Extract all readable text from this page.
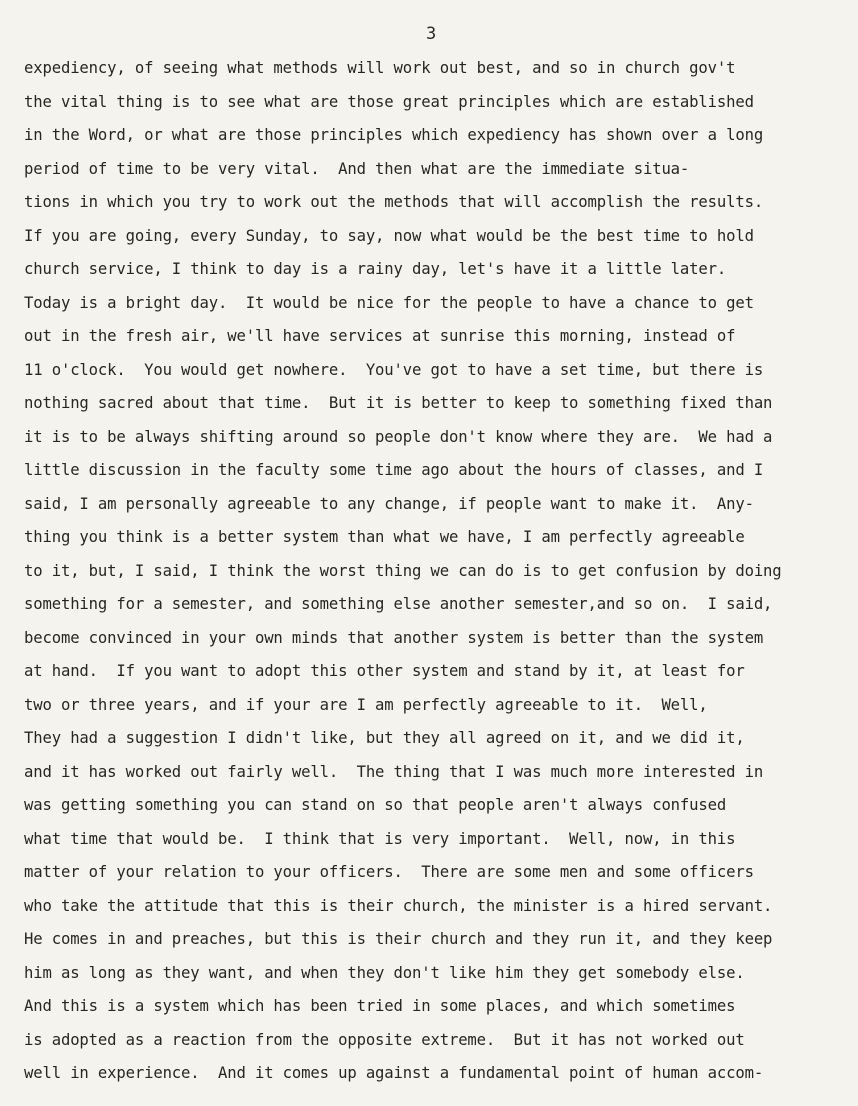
3
expediency, of seeing what methods will work out best, and so in church gov't
the vital thing is to see what are those great principles which are established
in the Word, or what are those principles which expediency has shown over a long
period of time to be very vital.  And then what are the immediate situa-
tions in which you try to work out the methods that will accomplish the results.
If you are going, every Sunday, to say, now what would be the best time to hold
church service, I think to day is a rainy day, let's have it a little later.
Today is a bright day.  It would be nice for the people to have a chance to get
out in the fresh air, we'll have services at sunrise this morning, instead of
11 o'clock.  You would get nowhere.  You've got to have a set time, but there is
nothing sacred about that time.  But it is better to keep to something fixed than
it is to be always shifting around so people don't know where they are.  We had a
little discussion in the faculty some time ago about the hours of classes, and I
said, I am personally agreeable to any change, if people want to make it.  Any-
thing you think is a better system than what we have, I am perfectly agreeable
to it, but, I said, I think the worst thing we can do is to get confusion by doing
something for a semester, and something else another semester,and so on.  I said,
become convinced in your own minds that another system is better than the system
at hand.  If you want to adopt this other system and stand by it, at least for
two or three years, and if your are I am perfectly agreeable to it.  Well,
They had a suggestion I didn't like, but they all agreed on it, and we did it,
and it has worked out fairly well.  The thing that I was much more interested in
was getting something you can stand on so that people aren't always confused
what time that would be.  I think that is very important.  Well, now, in this
matter of your relation to your officers.  There are some men and some officers
who take the attitude that this is their church, the minister is a hired servant.
He comes in and preaches, but this is their church and they run it, and they keep
him as long as they want, and when they don't like him they get somebody else.
And this is a system which has been tried in some places, and which sometimes
is adopted as a reaction from the opposite extreme.  But it has not worked out
well in experience.  And it comes up against a fundamental point of human accom-
